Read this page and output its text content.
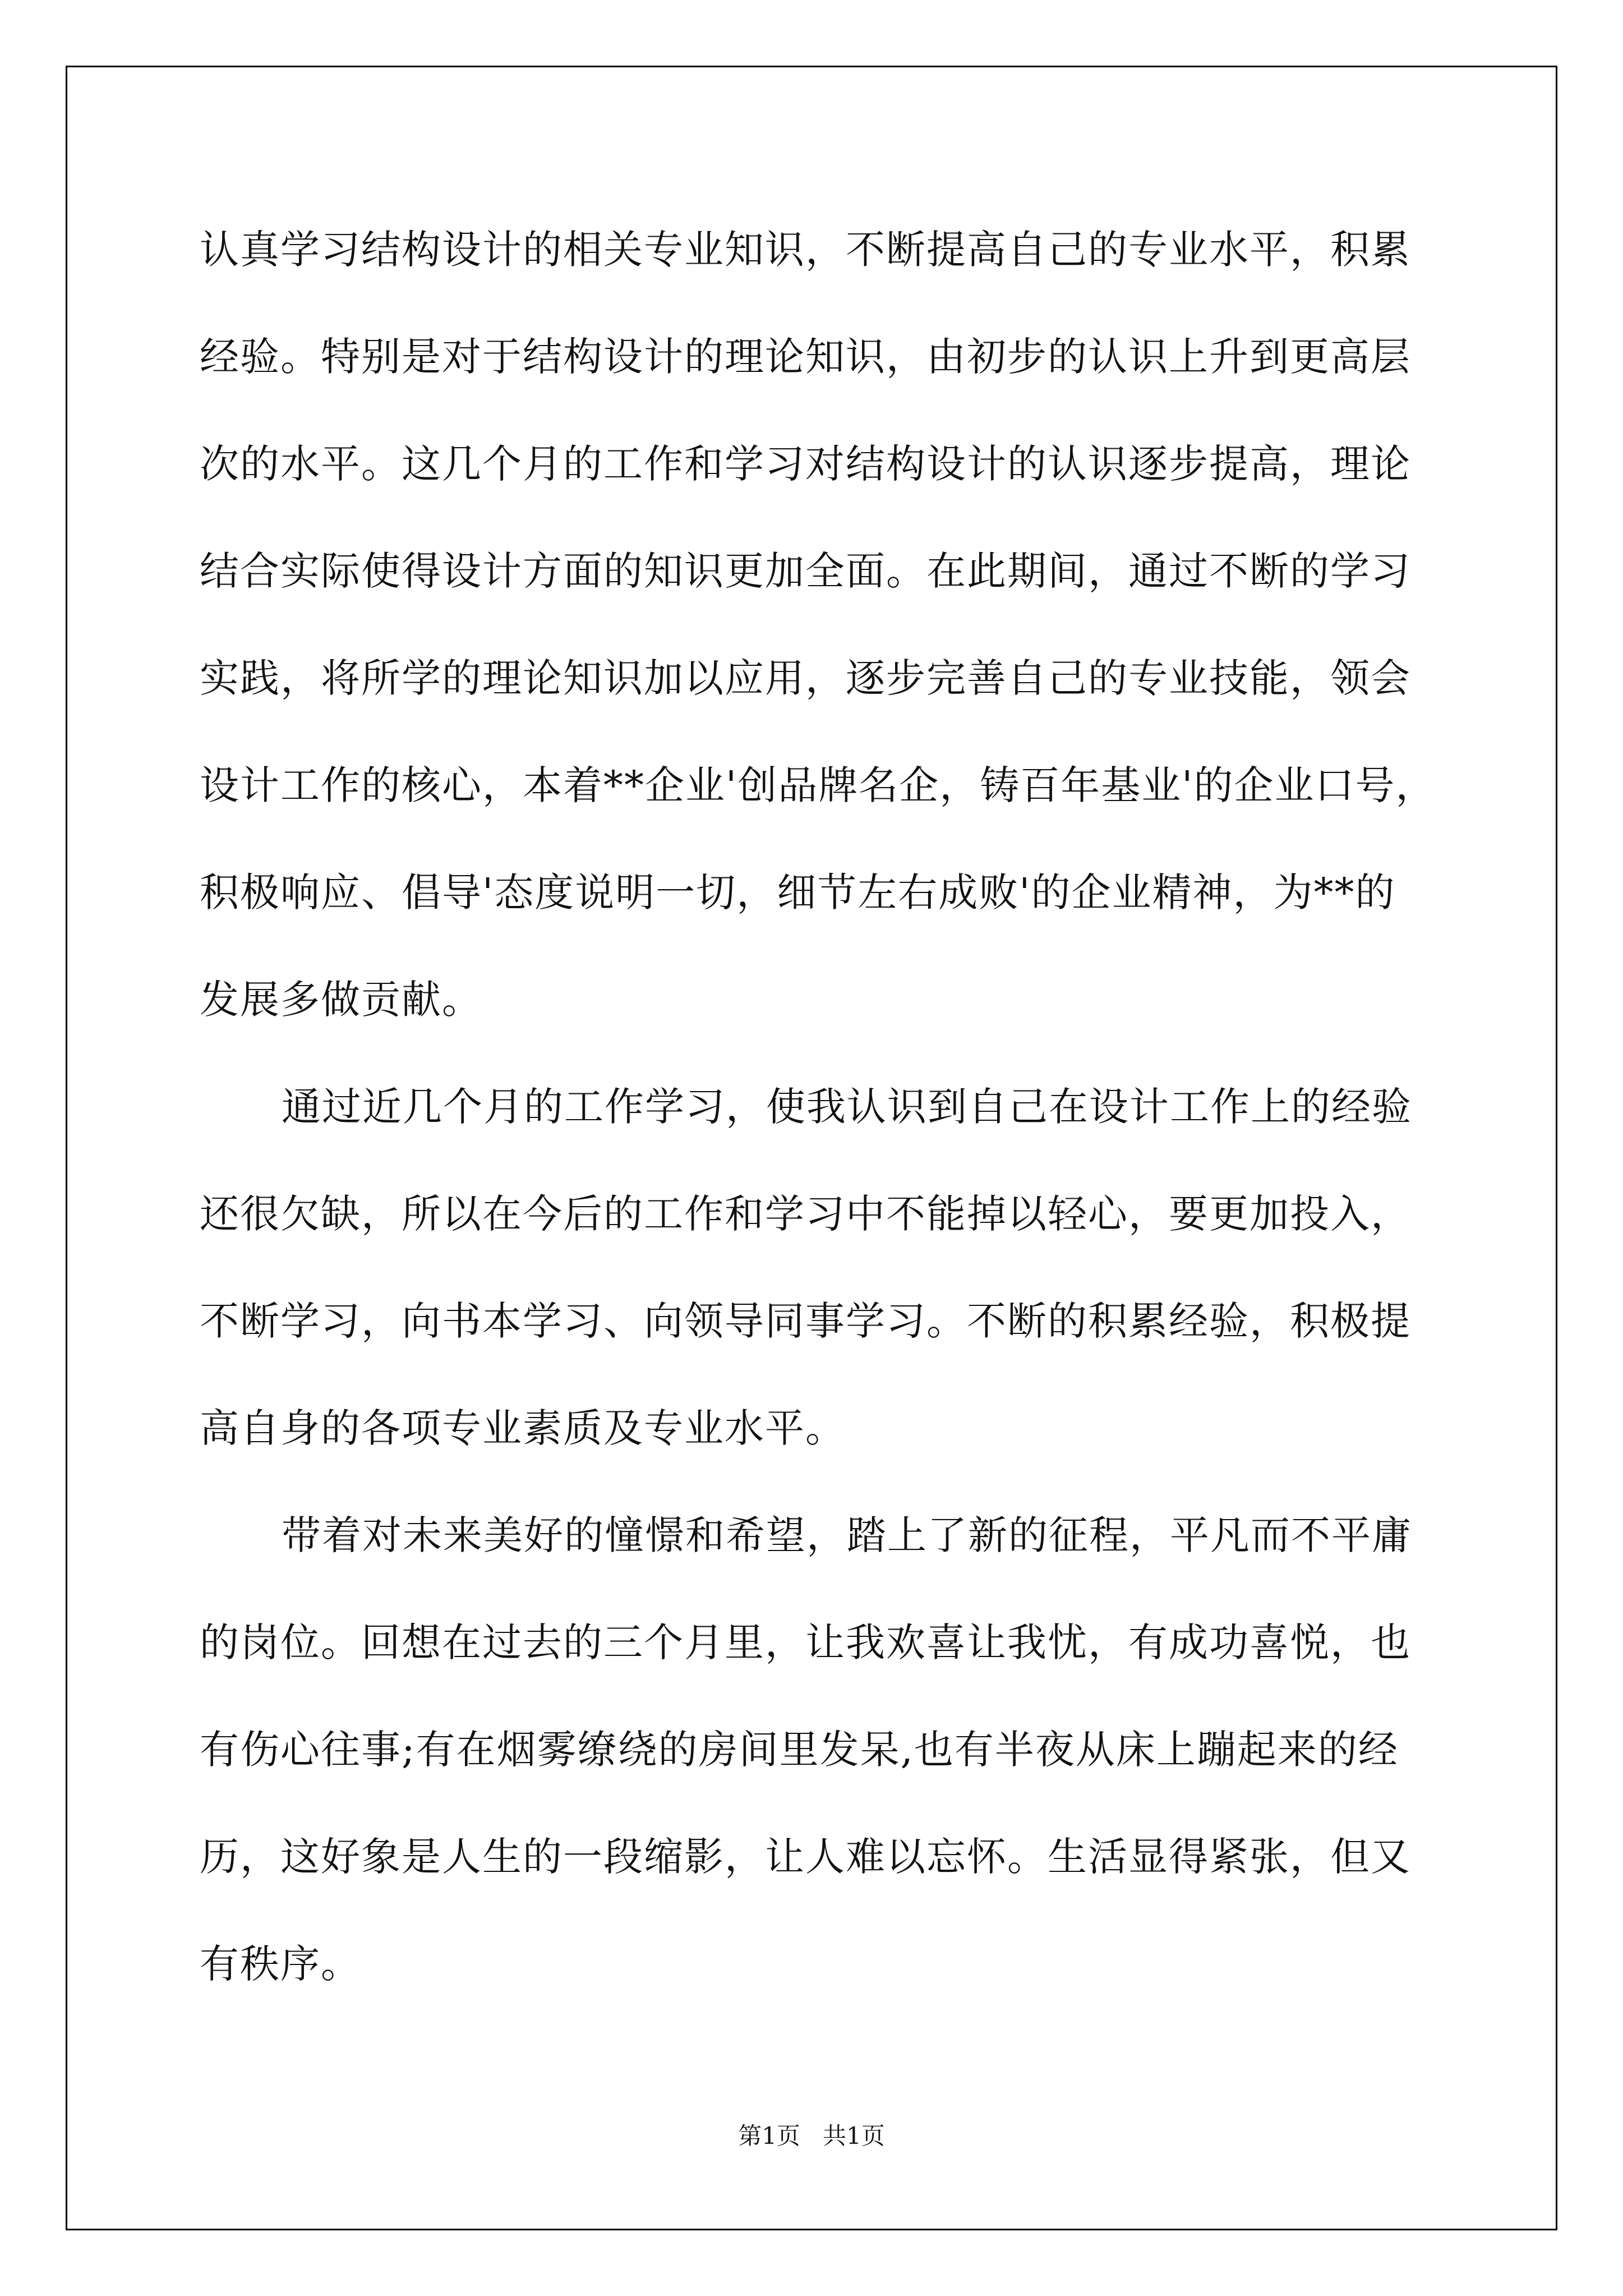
认真学习结构设计的相关专业知识，不断提高自己的专业水平，积累
经验。特别是对于结构设计的理论知识，由初步的认识上升到更高层
次的水平。这几个月的工作和学习对结构设计的认识逐步提高，理论
结合实际使得设计方面的知识更加全面。在此期间，通过不断的学习
实践，将所学的理论知识加以应用，逐步完善自己的专业技能，领会
设计工作的核心，本着**企业'创品牌名企，铸百年基业'的企业口号，
积极响应、倡导'态度说明一切，细节左右成败'的企业精神，为**的
发展多做贡献。
通过近几个月的工作学习，使我认识到自己在设计工作上的经验
还很欠缺，所以在今后的工作和学习中不能掉以轻心，要更加投入，
不断学习，向书本学习、向领导同事学习。不断的积累经验，积极提
高自身的各项专业素质及专业水平。
带着对未来美好的憧憬和希望，踏上了新的征程，平凡而不平庸
的岗位。回想在过去的三个月里，让我欢喜让我忧，有成功喜悦，也
有伤心往事;有在烟雾缭绕的房间里发呆,也有半夜从床上蹦起来的经
历，这好象是人生的一段缩影，让人难以忘怀。生活显得紧张，但又
有秩序。
第1页   共1页
